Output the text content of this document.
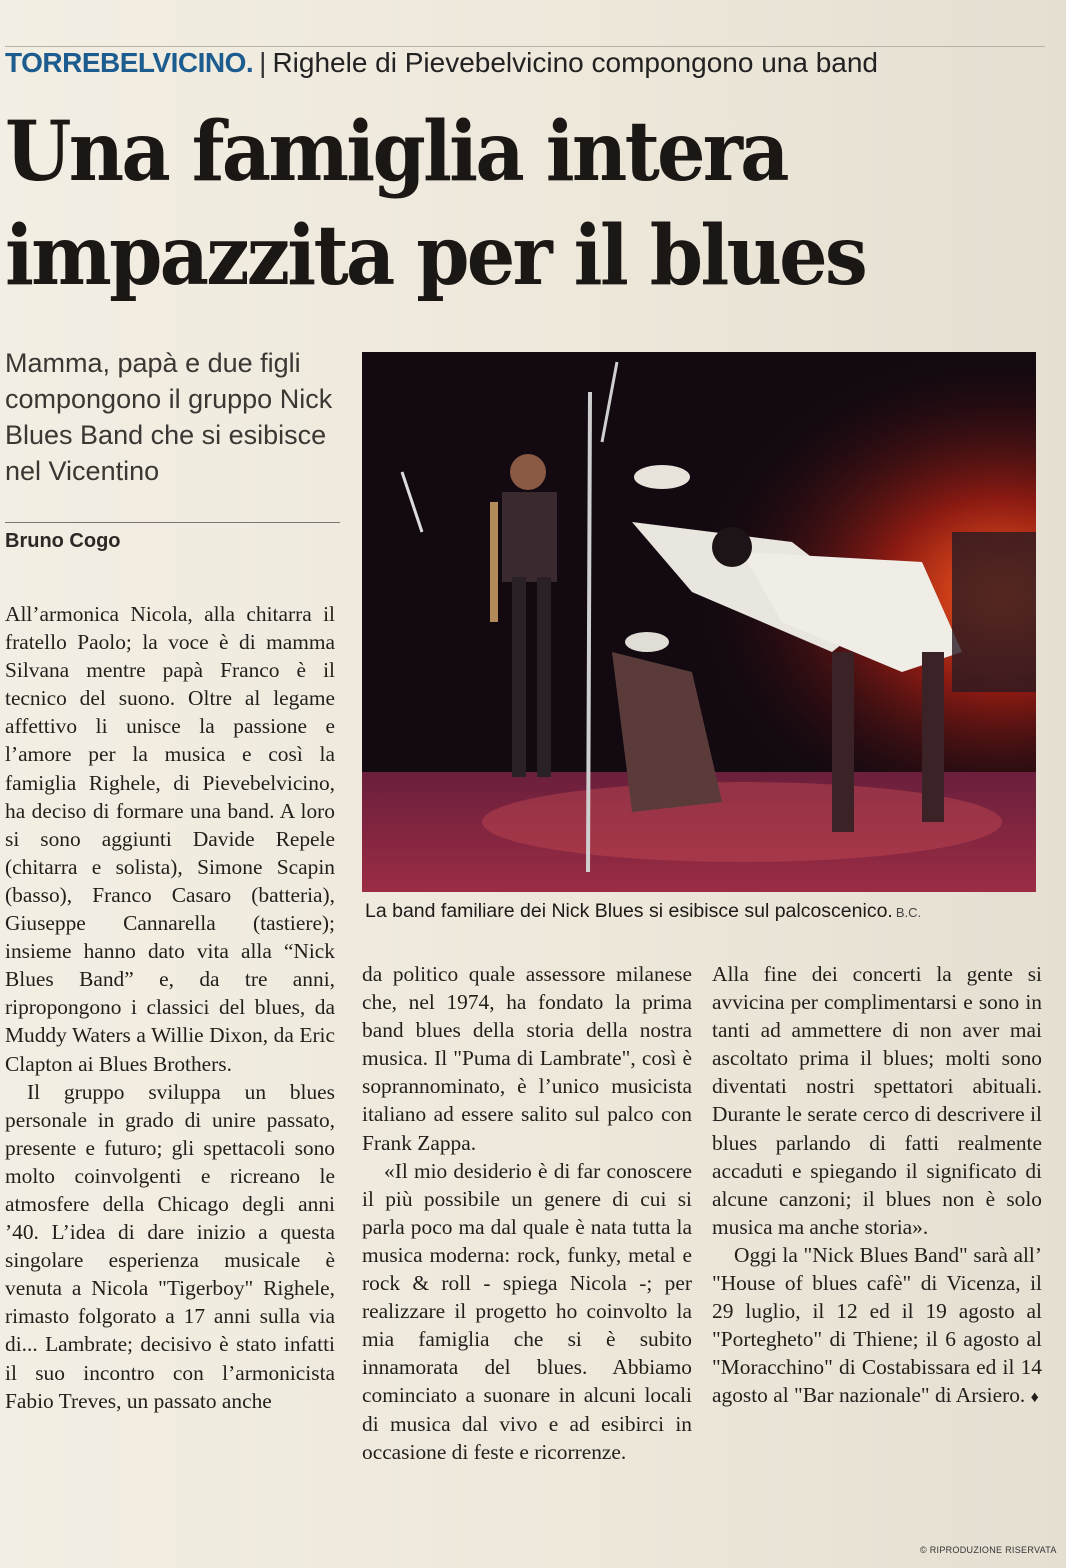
TORREBELVICINO. | Righele di Pievebelvicino compongono una band
Una famiglia intera
impazzita per il blues
Mamma, papà e due figli compongono il gruppo Nick Blues Band che si esibisce nel Vicentino
Bruno Cogo

All’armonica Nicola, alla chitarra il fratello Paolo; la voce è di mamma Silvana mentre papà Franco è il tecnico del suono. Oltre al legame affettivo li unisce la passione e l’amore per la musica e così la famiglia Righele, di Pievebelvicino, ha deciso di formare una band. A loro si sono aggiunti Davide Repele (chitarra e solista), Simone Scapin (basso), Franco Casaro (batteria), Giuseppe Cannarella (tastiere); insieme hanno dato vita alla “Nick Blues Band” e, da tre anni, ripropongono i classici del blues, da Muddy Waters a Willie Dixon, da Eric Clapton ai Blues Brothers.

Il gruppo sviluppa un blues personale in grado di unire passato, presente e futuro; gli spettacoli sono molto coinvolgenti e ricreano le atmosfere della Chicago degli anni ’40. L’idea di dare inizio a questa singolare esperienza musicale è venuta a Nicola "Tigerboy" Righele, rimasto folgorato a 17 anni sulla via di... Lambrate; decisivo è stato infatti il suo incontro con l’armonicista Fabio Treves, un passato anche

La band familiare dei Nick Blues si esibisce sul palcoscenico. B.C.

da politico quale assessore milanese che, nel 1974, ha fondato la prima band blues della storia della nostra musica. Il "Puma di Lambrate", così è soprannominato, è l’unico musicista italiano ad essere salito sul palco con Frank Zappa.

«Il mio desiderio è di far conoscere il più possibile un genere di cui si parla poco ma dal quale è nata tutta la musica moderna: rock, funky, metal e rock & roll - spiega Nicola -; per realizzare il progetto ho coinvolto la mia famiglia che si è subito innamorata del blues. Abbiamo cominciato a suonare in alcuni locali di musica dal vivo e ad esibirci in occasione di feste e ricorrenze.

Alla fine dei concerti la gente si avvicina per complimentarsi e sono in tanti ad ammettere di non aver mai ascoltato prima il blues; molti sono diventati nostri spettatori abituali. Durante le serate cerco di descrivere il blues parlando di fatti realmente accaduti e spiegando il significato di alcune canzoni; il blues non è solo musica ma anche storia».

Oggi la "Nick Blues Band" sarà all’ "House of blues cafè" di Vicenza, il 29 luglio, il 12 ed il 19 agosto al "Portegheto" di Thiene; il 6 agosto al "Moracchino" di Costabissara ed il 14 agosto al "Bar nazionale" di Arsiero. ♦

© RIPRODUZIONE RISERVATA
